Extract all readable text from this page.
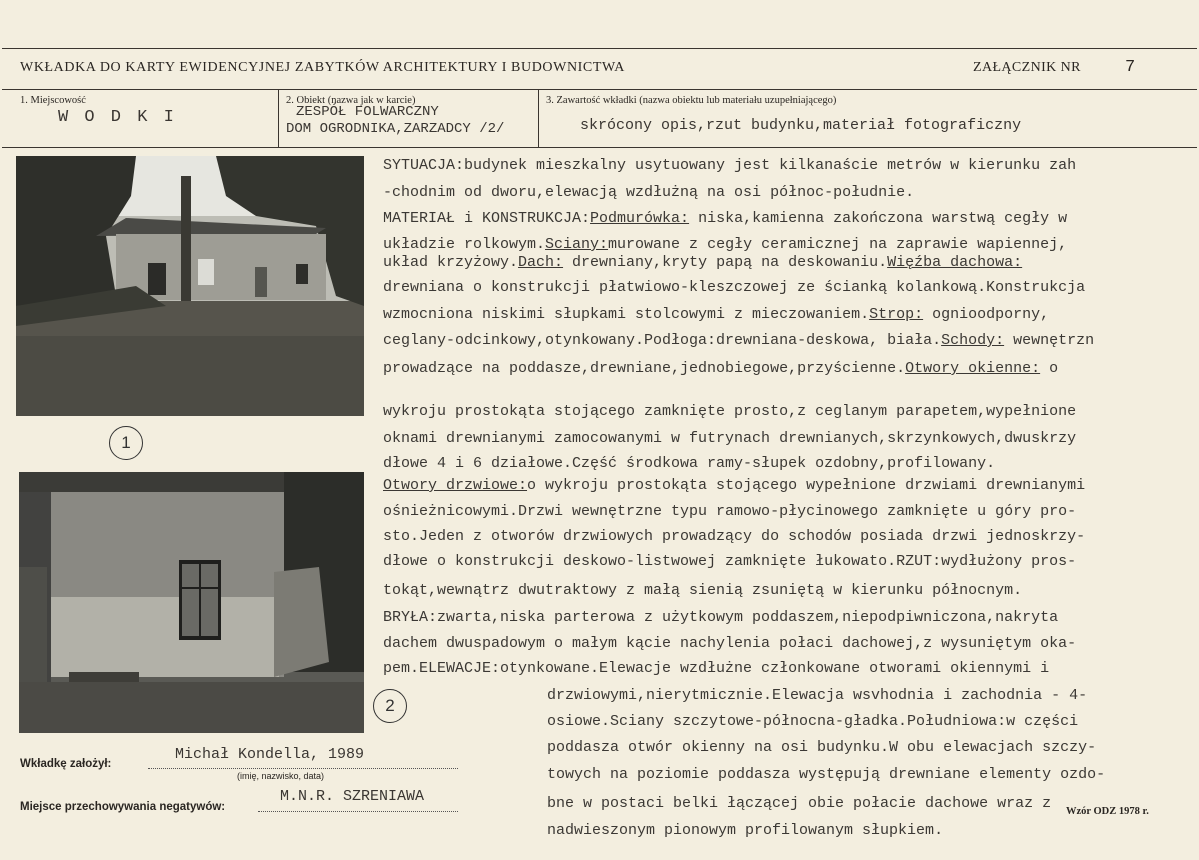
WKŁADKA DO KARTY EWIDENCYJNEJ ZABYTKÓW ARCHITEKTURY I BUDOWNICTWA	ZAŁĄCZNIK NR	7
1. Miejscowość
W O D K I
2. Obiekt (nazwa jak w karcie)
ZESPÓŁ FOLWARCZNY
DOM OGRODNIKA,ZARZADCY /2/
3. Zawartość wkładki (nazwa obiektu lub materiału uzupełniającego)
skrócony opis,rzut budynku,materiał fotograficzny
1
2
SYTUACJA:budynek mieszkalny usytuowany jest kilkanaście metrów w kierunku zah
-chodnim od dworu,elewacją wzdłużną na osi północ-południe.
MATERIAŁ i KONSTRUKCJA:Podmurówka: niska,kamienna zakończona warstwą cegły w
układzie rolkowym.Sciany:murowane z cegły ceramicznej na zaprawie wapiennej,
układ krzyżowy.Dach: drewniany,kryty papą na deskowaniu.Więźba dachowa:
drewniana o konstrukcji płatwiowo-kleszczowej ze ścianką kolankową.Konstrukcja
wzmocniona niskimi słupkami stolcowymi z mieczowaniem.Strop: ognioodporny,
ceglany-odcinkowy,otynkowany.Podłoga:drewniana-deskowa, biała.Schody: wewnętrzn
prowadzące na poddasze,drewniane,jednobiegowe,przyścienne.Otwory okienne: o
wykroju prostokąta stojącego zamknięte prosto,z ceglanym parapetem,wypełnione
oknami drewnianymi zamocowanymi w futrynach drewnianych,skrzynkowych,dwuskrzy
dłowe 4 i 6 działowe.Część środkowa ramy-słupek ozdobny,profilowany.
Otwory drzwiowe:o wykroju prostokąta stojącego wypełnione drzwiami drewnianymi
ośnieżnicowymi.Drzwi wewnętrzne typu ramowo-płycinowego zamknięte u góry pro-
sto.Jeden z otworów drzwiowych prowadzący do schodów posiada drzwi jednoskrzy-
dłowe o konstrukcji deskowo-listwowej zamknięte łukowato.RZUT:wydłużony pros-
tokąt,wewnątrz dwutraktowy z małą sienią zsuniętą w kierunku północnym.
BRYŁA:zwarta,niska parterowa z użytkowym poddaszem,niepodpiwniczona,nakryta
dachem dwuspadowym o małym kącie nachylenia połaci dachowej,z wysuniętym oka-
pem.ELEWACJE:otynkowane.Elewacje wzdłużne członkowane otworami okiennymi i
drzwiowymi,nierytmicznie.Elewacja wsvhodnia i zachodnia - 4-
osiowe.Sciany szczytowe-północna-gładka.Południowa:w części
poddasza otwór okienny na osi budynku.W obu elewacjach szczy-
towych na poziomie poddasza występują drewniane elementy ozdo-
bne w postaci belki łączącej obie połacie dachowe wraz z
nadwieszonym pionowym profilowanym słupkiem.
Wkładkę założył:
Michał Kondella, 1989
(imię, nazwisko, data)
Miejsce przechowywania negatywów:
M.N.R. SZRENIAWA
Wzór ODZ 1978 r.
